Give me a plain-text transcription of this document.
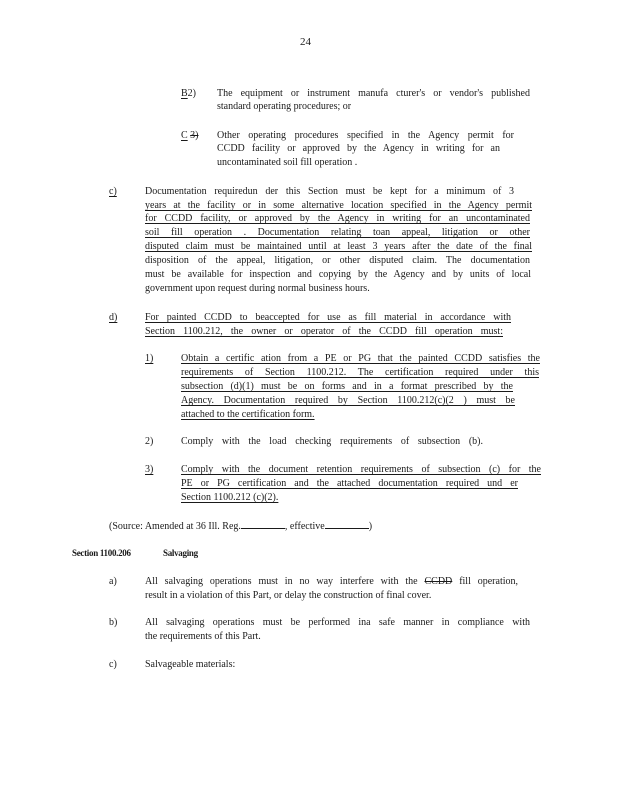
24
B2) The equipment or instrument manufa cturer's or vendor's published
standard operating procedures; or
C 3) Other operating procedures specified in the Agency permit for
CCDD facility or approved by the Agency in writing for an
uncontaminated soil fill operation .
c)	Documentation requiredun der this Section must be kept for a minimum of 3
years at the facility or in some alternative location specified in the Agency permit
for CCDD facility, or approved by the Agency in writing for an uncontaminated
soil fill operation . Documentation relating toan appeal, litigation or other
disputed claim must be maintained until at least 3 years after the date of the final
disposition of the appeal, litigation, or other disputed claim. The documentation
must be available for inspection and copying by the Agency and by units of local
government upon request during normal business hours.
d)	For painted CCDD to beaccepted for use as fill material in accordance with
Section 1100.212, the owner or operator of the CCDD fill operation must:
1)	Obtain a certific ation from a PE or PG that the painted CCDD satisfies the
requirements of Section 1100.212. The certification required under this
subsection (d)(1) must be on forms and in a format prescribed by the
Agency. Documentation required by Section 1100.212(c)(2 ) must be
attached to the certification form.
2)	Comply with the load checking requirements of subsection (b).
3)	Comply with the document retention requirements of subsection (c) for the
PE or PG certification and the attached documentation required und er
Section 1100.212 (c)(2).
(Source: Amended at 36 Ill. Reg.	, effective	)
Section 1100.206	Salvaging
a)	All salvaging operations must in no way interfere with the CCDD fill operation,
result in a violation of this Part, or delay the construction of final cover.
b)	All salvaging operations must be performed ina safe manner in compliance with
the requirements of this Part.
c)	Salvageable materials:
